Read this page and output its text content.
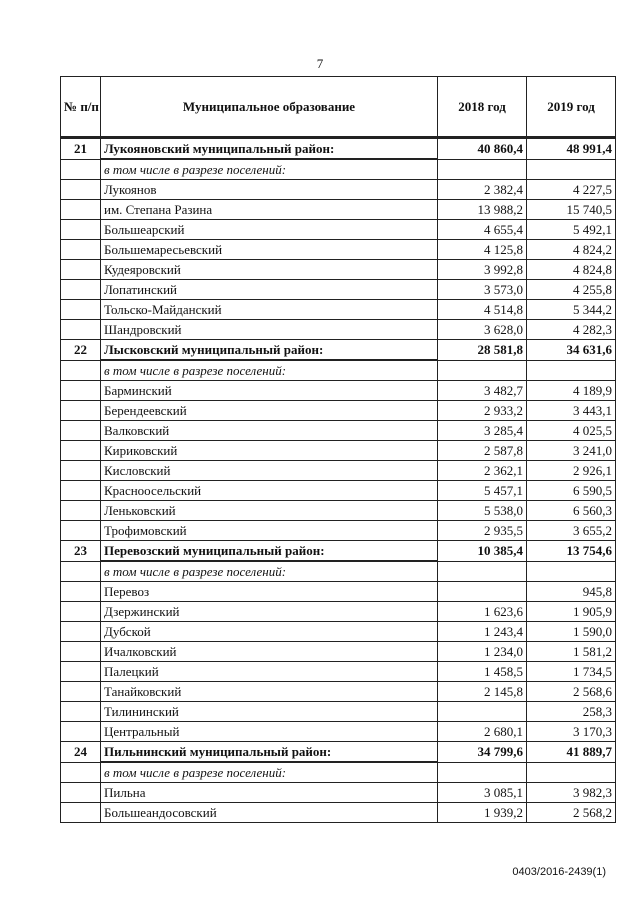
7
№ п/п	Муниципальное образование	2018 год	2019 год
21	Лукояновский муниципальный район:	40 860,4	48 991,4
	в том числе в разрезе поселений:		
	Лукоянов	2 382,4	4 227,5
	им. Степана Разина	13 988,2	15 740,5
	Большеарский	4 655,4	5 492,1
	Большемаресьевский	4 125,8	4 824,2
	Кудеяровский	3 992,8	4 824,8
	Лопатинский	3 573,0	4 255,8
	Тольско-Майданский	4 514,8	5 344,2
	Шандровский	3 628,0	4 282,3
22	Лысковский муниципальный район:	28 581,8	34 631,6
	в том числе в разрезе поселений:		
	Барминский	3 482,7	4 189,9
	Берендеевский	2 933,2	3 443,1
	Валковский	3 285,4	4 025,5
	Кириковский	2 587,8	3 241,0
	Кисловский	2 362,1	2 926,1
	Красноосельский	5 457,1	6 590,5
	Леньковский	5 538,0	6 560,3
	Трофимовский	2 935,5	3 655,2
23	Перевозский муниципальный район:	10 385,4	13 754,6
	в том числе в разрезе поселений:		
	Перевоз		945,8
	Дзержинский	1 623,6	1 905,9
	Дубской	1 243,4	1 590,0
	Ичалковский	1 234,0	1 581,2
	Палецкий	1 458,5	1 734,5
	Танайковский	2 145,8	2 568,6
	Тилининский		258,3
	Центральный	2 680,1	3 170,3
24	Пильнинский муниципальный район:	34 799,6	41 889,7
	в том числе в разрезе поселений:		
	Пильна	3 085,1	3 982,3
	Большеандосовский	1 939,2	2 568,2
0403/2016-2439(1)
